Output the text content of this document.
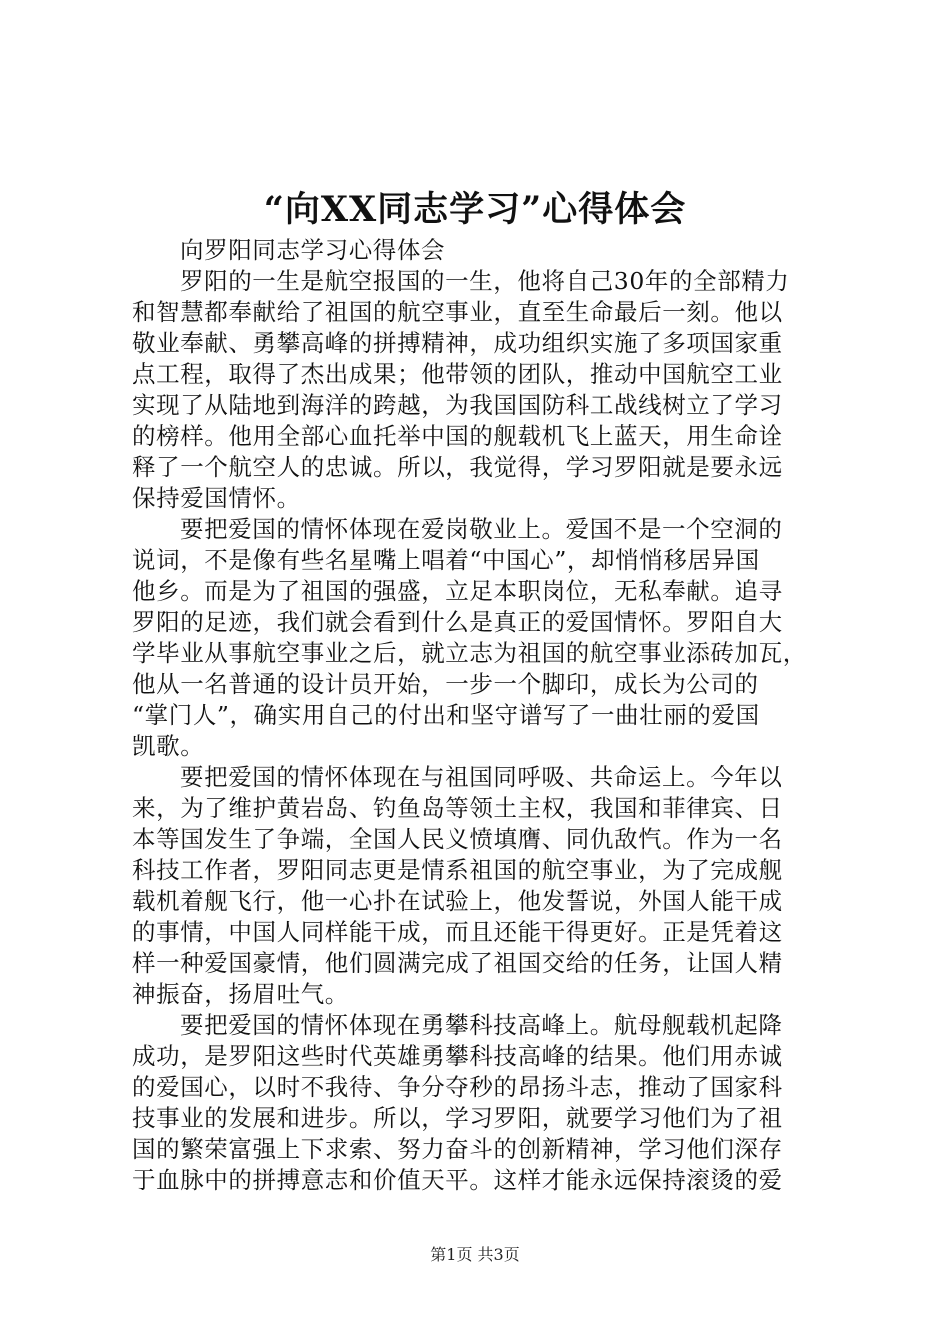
“向XX同志学习”心得体会
向罗阳同志学习心得体会
罗阳的一生是航空报国的一生，他将自己30年的全部精力
和智慧都奉献给了祖国的航空事业，直至生命最后一刻。他以
敬业奉献、勇攀高峰的拼搏精神，成功组织实施了多项国家重
点工程，取得了杰出成果；他带领的团队，推动中国航空工业
实现了从陆地到海洋的跨越，为我国国防科工战线树立了学习
的榜样。他用全部心血托举中国的舰载机飞上蓝天，用生命诠
释了一个航空人的忠诚。所以，我觉得，学习罗阳就是要永远
保持爱国情怀。
要把爱国的情怀体现在爱岗敬业上。爱国不是一个空洞的
说词，不是像有些名星嘴上唱着“中国心”，却悄悄移居异国
他乡。而是为了祖国的强盛，立足本职岗位，无私奉献。追寻
罗阳的足迹，我们就会看到什么是真正的爱国情怀。罗阳自大
学毕业从事航空事业之后，就立志为祖国的航空事业添砖加瓦，
他从一名普通的设计员开始，一步一个脚印，成长为公司的
“掌门人”，确实用自己的付出和坚守谱写了一曲壮丽的爱国
凯歌。
要把爱国的情怀体现在与祖国同呼吸、共命运上。今年以
来，为了维护黄岩岛、钓鱼岛等领土主权，我国和菲律宾、日
本等国发生了争端，全国人民义愤填膺、同仇敌忾。作为一名
科技工作者，罗阳同志更是情系祖国的航空事业，为了完成舰
载机着舰飞行，他一心扑在试验上，他发誓说，外国人能干成
的事情，中国人同样能干成，而且还能干得更好。正是凭着这
样一种爱国豪情，他们圆满完成了祖国交给的任务，让国人精
神振奋，扬眉吐气。
要把爱国的情怀体现在勇攀科技高峰上。航母舰载机起降
成功，是罗阳这些时代英雄勇攀科技高峰的结果。他们用赤诚
的爱国心，以时不我待、争分夺秒的昂扬斗志，推动了国家科
技事业的发展和进步。所以，学习罗阳，就要学习他们为了祖
国的繁荣富强上下求索、努力奋斗的创新精神，学习他们深存
于血脉中的拼搏意志和价值天平。这样才能永远保持滚烫的爱
第1页 共3页
